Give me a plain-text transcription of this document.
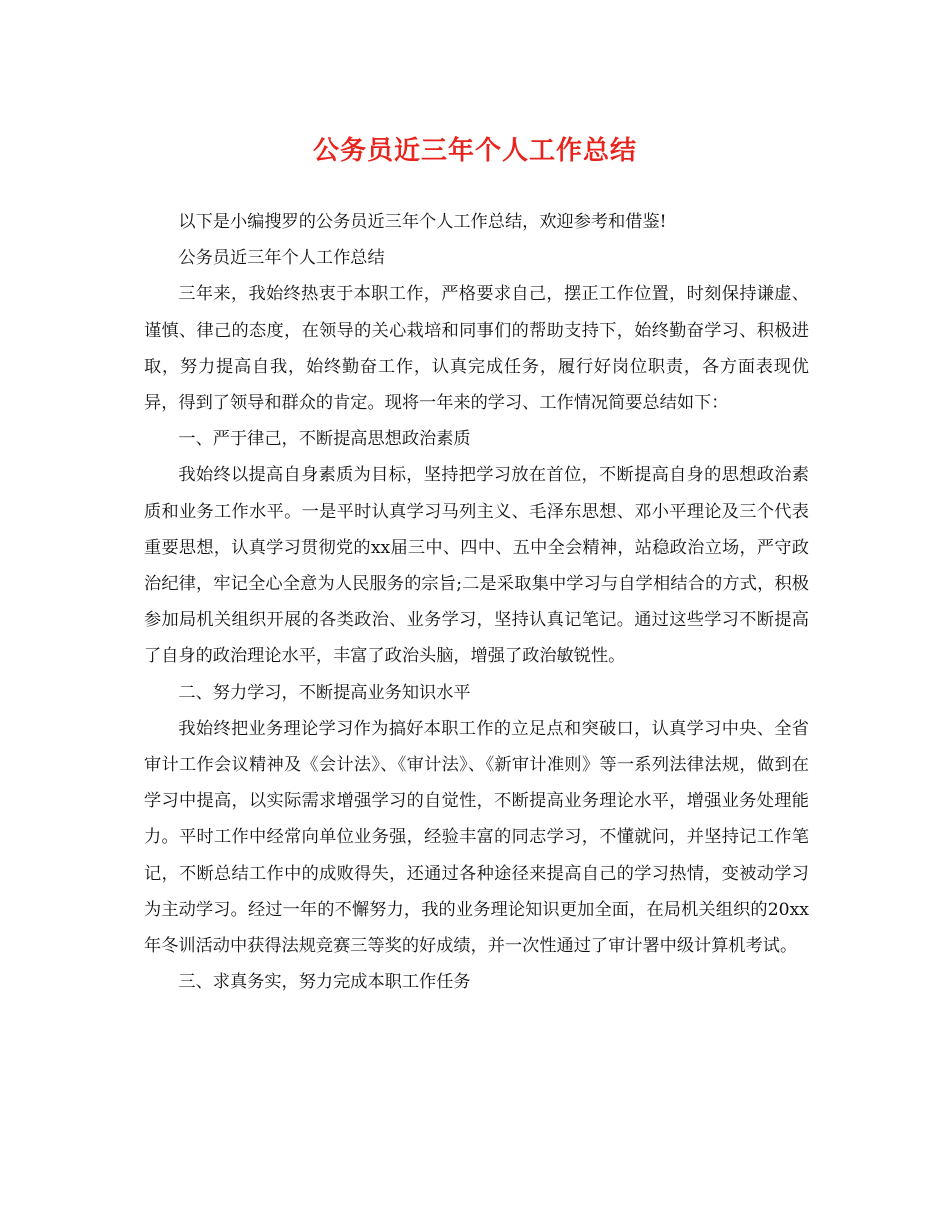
公务员近三年个人工作总结

以下是小编搜罗的公务员近三年个人工作总结，欢迎参考和借鉴!

公务员近三年个人工作总结

三年来，我始终热衷于本职工作，严格要求自己，摆正工作位置，时刻保持谦虚、谨慎、律己的态度，在领导的关心栽培和同事们的帮助支持下，始终勤奋学习、积极进取，努力提高自我，始终勤奋工作，认真完成任务，履行好岗位职责，各方面表现优异，得到了领导和群众的肯定。现将一年来的学习、工作情况简要总结如下：

一、严于律己，不断提高思想政治素质

我始终以提高自身素质为目标，坚持把学习放在首位，不断提高自身的思想政治素质和业务工作水平。一是平时认真学习马列主义、毛泽东思想、邓小平理论及三个代表重要思想，认真学习贯彻党的xx届三中、四中、五中全会精神，站稳政治立场，严守政治纪律，牢记全心全意为人民服务的宗旨;二是采取集中学习与自学相结合的方式，积极参加局机关组织开展的各类政治、业务学习，坚持认真记笔记。通过这些学习不断提高了自身的政治理论水平，丰富了政治头脑，增强了政治敏锐性。

二、努力学习，不断提高业务知识水平

我始终把业务理论学习作为搞好本职工作的立足点和突破口，认真学习中央、全省审计工作会议精神及《会计法》、《审计法》、《新审计准则》等一系列法律法规，做到在学习中提高，以实际需求增强学习的自觉性，不断提高业务理论水平，增强业务处理能力。平时工作中经常向单位业务强，经验丰富的同志学习，不懂就问，并坚持记工作笔记，不断总结工作中的成败得失，还通过各种途径来提高自己的学习热情，变被动学习为主动学习。经过一年的不懈努力，我的业务理论知识更加全面，在局机关组织的20xx年冬训活动中获得法规竞赛三等奖的好成绩，并一次性通过了审计署中级计算机考试。

三、求真务实，努力完成本职工作任务
